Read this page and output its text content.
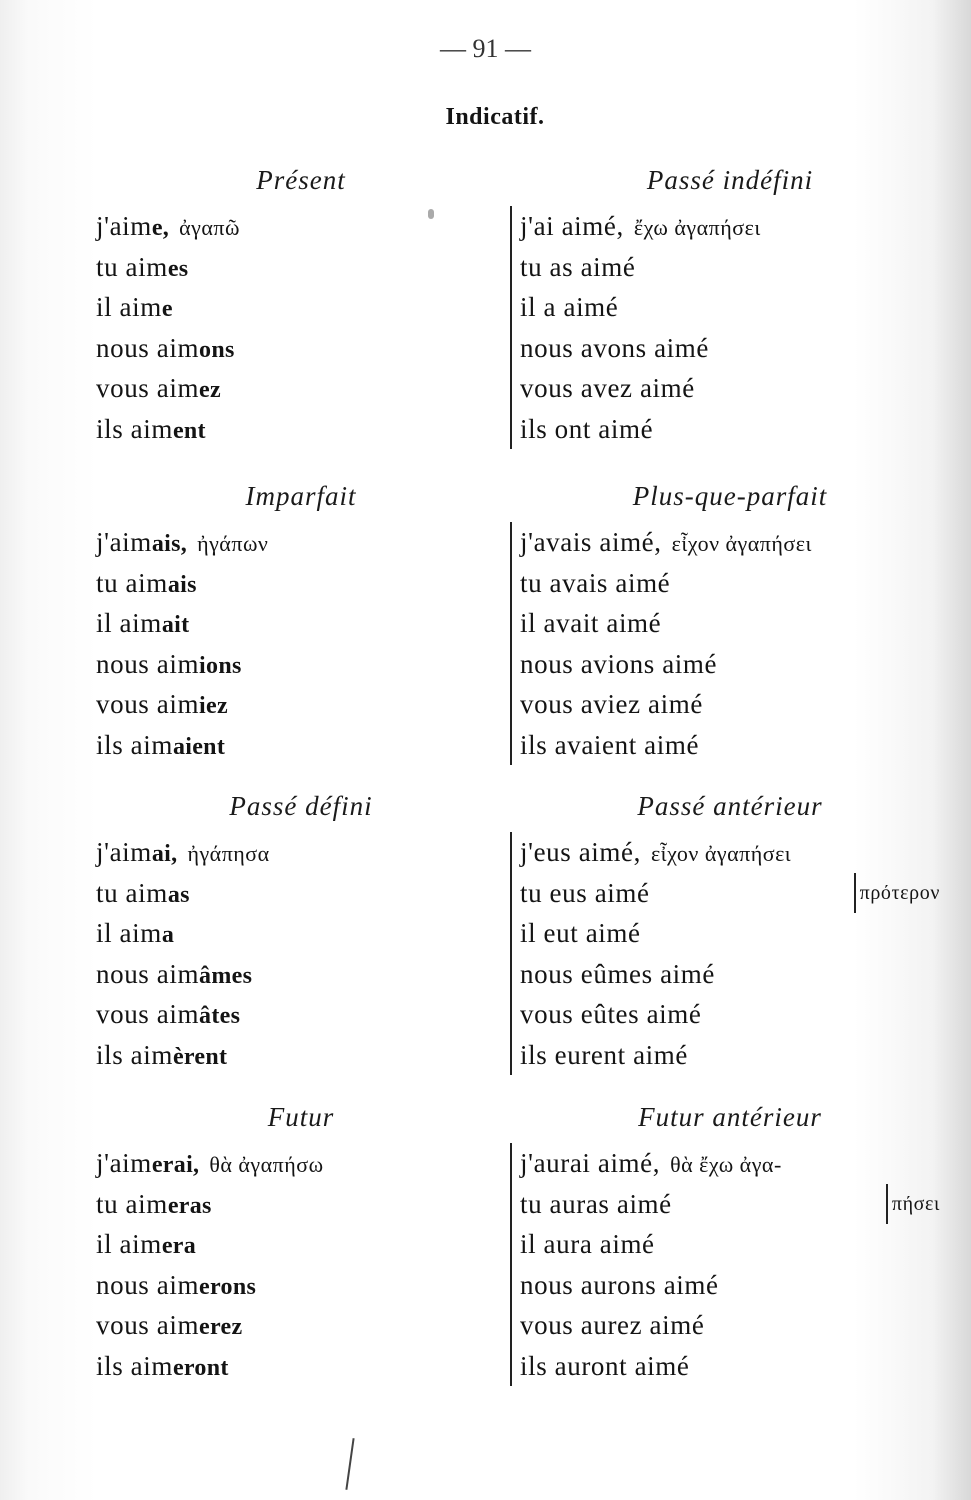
— 91 —
Indicatif.
Présent
j'aime, ἀγαπῶ
tu aimes
il aime
nous aimons
vous aimez
ils aiment
Imparfait
j'aimais, ἠγάπων
tu aimais
il aimait
nous aimions
vous aimiez
ils aimaient
Passé défini
j'aimai, ἠγάπησα
tu aimas
il aima
nous aimâmes
vous aimâtes
ils aimèrent
Futur
j'aimerai, θὰ ἀγαπήσω
tu aimeras
il aimera
nous aimerons
vous aimerez
ils aimeront
Passé indéfini
j'ai aimé, ἔχω ἀγαπήσει
tu as aimé
il a aimé
nous avons aimé
vous avez aimé
ils ont aimé
Plus-que-parfait
j'avais aimé, εἶχον ἀγαπήσει
tu avais aimé
il avait aimé
nous avions aimé
vous aviez aimé
ils avaient aimé
Passé antérieur
j'eus aimé, εἶχον ἀγαπήσει
tu eus aimé	πρότερον
il eut aimé
nous eûmes aimé
vous eûtes aimé
ils eurent aimé
Futur antérieur
j'aurai aimé, θὰ ἔχω ἀγα-
tu auras aimé	πήσει
il aura aimé
nous aurons aimé
vous aurez aimé
ils auront aimé
